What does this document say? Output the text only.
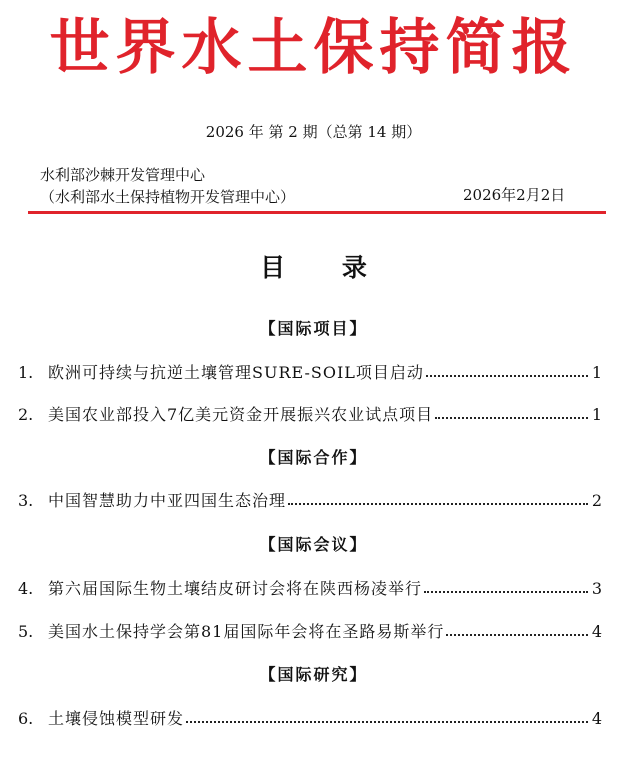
世界水土保持简报
2026 年 第 2 期（总第 14 期）
水利部沙棘开发管理中心
（水利部水土保持植物开发管理中心）	2026年2月2日
目 录
【国际项目】
1. 欧洲可持续与抗逆土壤管理SURE-SOIL项目启动	1
2. 美国农业部投入7亿美元资金开展振兴农业试点项目	1
【国际合作】
3. 中国智慧助力中亚四国生态治理	2
【国际会议】
4. 第六届国际生物土壤结皮研讨会将在陕西杨凌举行	3
5. 美国水土保持学会第81届国际年会将在圣路易斯举行	4
【国际研究】
6. 土壤侵蚀模型研发	4
